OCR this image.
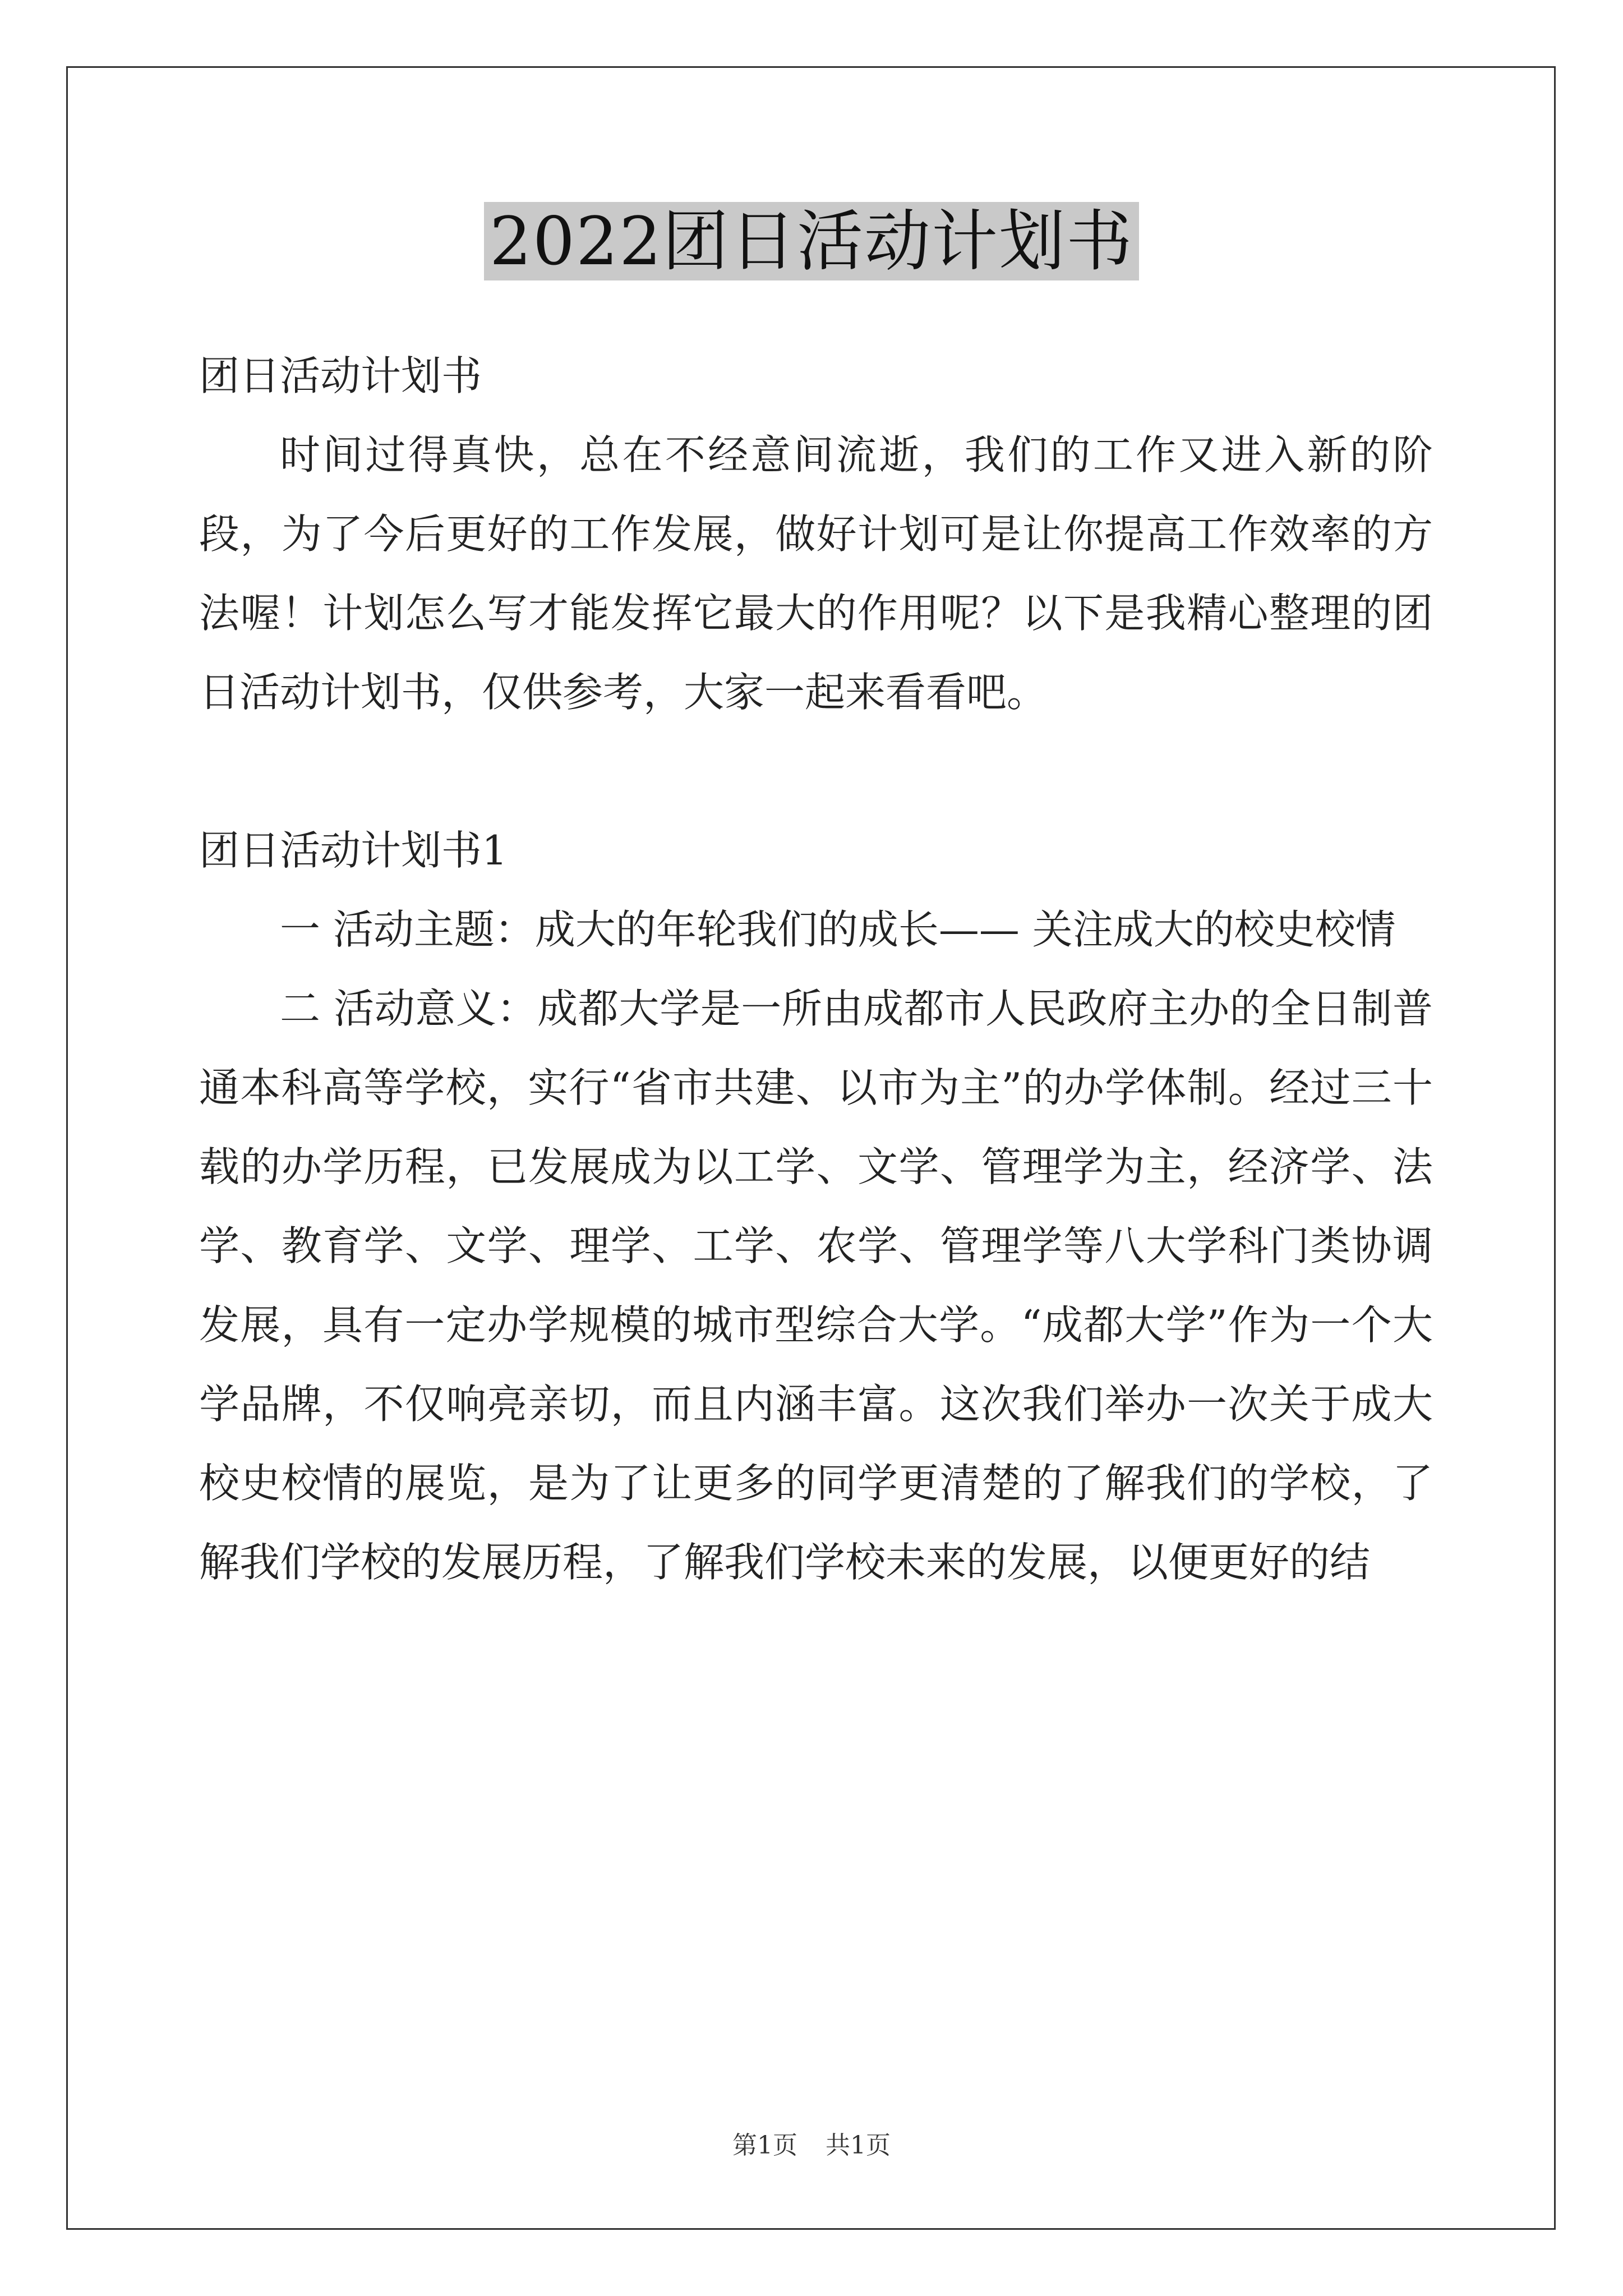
2022团日活动计划书

团日活动计划书

时间过得真快，总在不经意间流逝，我们的工作又进入新的阶段，为了今后更好的工作发展，做好计划可是让你提高工作效率的方法喔！计划怎么写才能发挥它最大的作用呢？以下是我精心整理的团日活动计划书，仅供参考，大家一起来看看吧。

团日活动计划书1

一 活动主题：成大的年轮我们的成长—— 关注成大的校史校情

二 活动意义：成都大学是一所由成都市人民政府主办的全日制普通本科高等学校，实行“省市共建、以市为主”的办学体制。经过三十载的办学历程，已发展成为以工学、文学、管理学为主，经济学、法学、教育学、文学、理学、工学、农学、管理学等八大学科门类协调发展，具有一定办学规模的城市型综合大学。“成都大学”作为一个大学品牌，不仅响亮亲切，而且内涵丰富。这次我们举办一次关于成大校史校情的展览，是为了让更多的同学更清楚的了解我们的学校，了解我们学校的发展历程，了解我们学校未来的发展，以便更好的结

第1页 共1页
